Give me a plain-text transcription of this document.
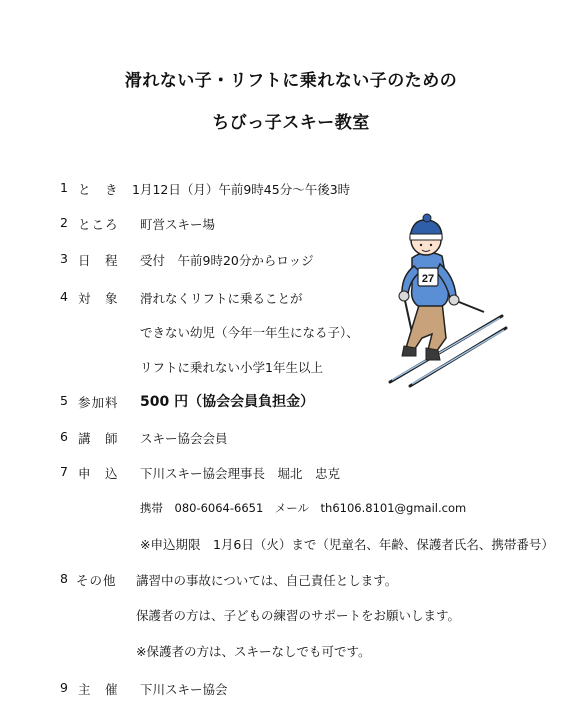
滑れない子・リフトに乗れない子のための
ちびっ子スキー教室
1 と　き 1月12日（月）午前9時45分～午後3時
2 ところ 町営スキー場
3 日　程 受付　午前9時20分からロッジ
4 対　象 滑れなくリフトに乗ることが
できない幼児（今年一年生になる子）、
リフトに乗れない小学1年生以上
5 参加料 500 円（協会会員負担金）
6 講　師 スキー協会会員
7 申　込 下川スキー協会理事長　堀北　忠克
携帯　080-6064-6651　メール　th6106.8101@gmail.com
※申込期限　1月6日（火）まで（児童名、年齢、保護者氏名、携帯番号）
8 その他 講習中の事故については、自己責任とします。
保護者の方は、子どもの練習のサポートをお願いします。
※保護者の方は、スキーなしでも可です。
9 主　催 下川スキー協会
27
